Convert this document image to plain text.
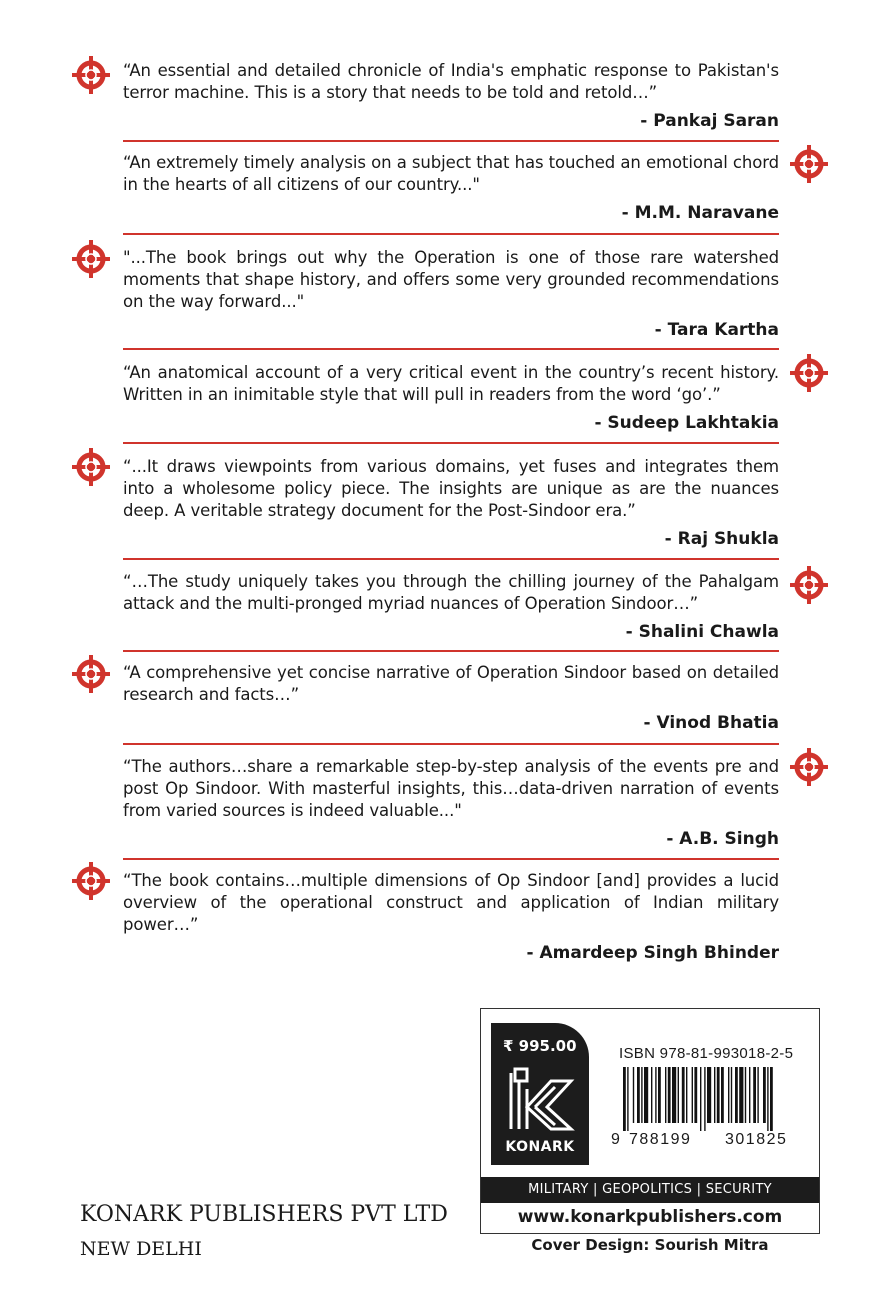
“An essential and detailed chronicle of India's emphatic response to Pakistan's terror machine. This is a story that needs to be told and retold…”

- Pankaj Saran

“An extremely timely analysis on a subject that has touched an emotional chord in the hearts of all citizens of our country..."

- M.M. Naravane

"...The book brings out why the Operation is one of those rare watershed moments that shape history, and offers some very grounded recommendations on the way forward..."

- Tara Kartha

“An anatomical account of a very critical event in the country’s recent history. Written in an inimitable style that will pull in readers from the word ‘go’.”

- Sudeep Lakhtakia

“...It draws viewpoints from various domains, yet fuses and integrates them into a wholesome policy piece. The insights are unique as are the nuances deep. A veritable strategy document for the Post-Sindoor era.”

- Raj Shukla

“…The study uniquely takes you through the chilling journey of the Pahalgam attack and the multi-pronged myriad nuances of Operation Sindoor…”

- Shalini Chawla

“A comprehensive yet concise narrative of Operation Sindoor based on detailed research and facts…”

- Vinod Bhatia

“The authors…share a remarkable step-by-step analysis of the events pre and post Op Sindoor. With masterful insights, this…data-driven narration of events from varied sources is indeed valuable..."

- A.B. Singh

“The book contains…multiple dimensions of Op Sindoor [and] provides a lucid overview of the operational construct and application of Indian military power…”

- Amardeep Singh Bhinder
KONARK PUBLISHERS PVT LTD
NEW DELHI
₹ 995.00
KONARK
ISBN 978-81-993018-2-5
9 788199 301825
MILITARY | GEOPOLITICS | SECURITY
www.konarkpublishers.com
Cover Design: Sourish Mitra
